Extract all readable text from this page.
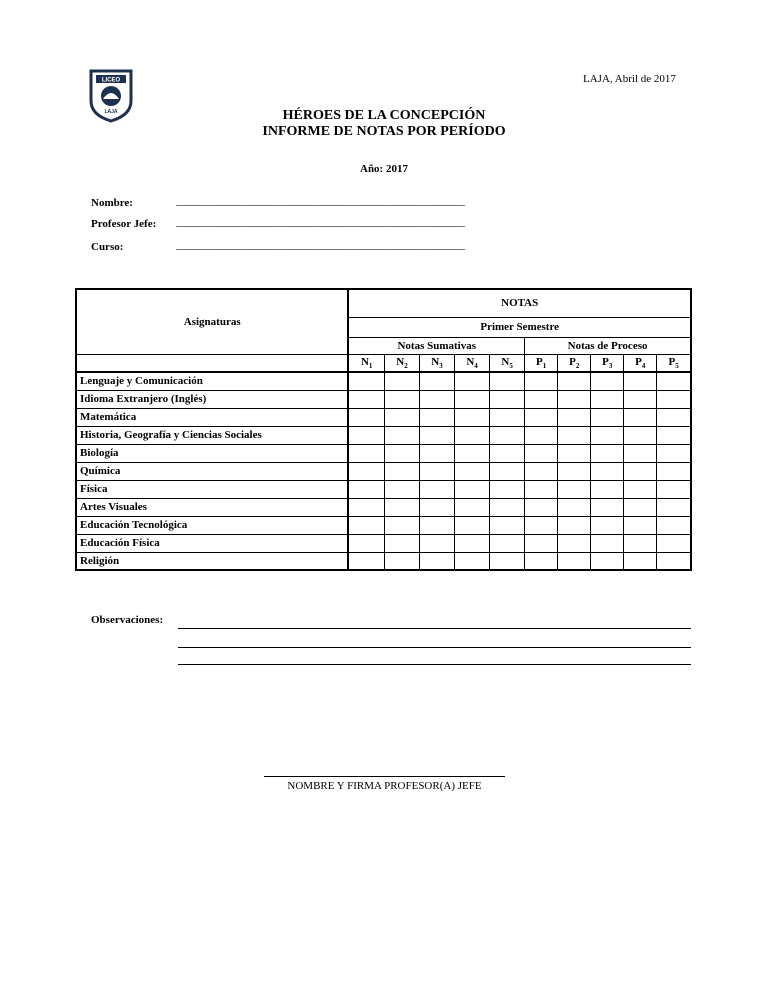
LAJA, Abril de 2017
LICEO
LAJA	HÉROES DE LA CONCEPCIÓN
INFORME DE NOTAS POR PERÍODO
Año: 2017
Nombre:	________________________________________________________________
Profesor Jefe: ________________________________________________________________
Curso:	________________________________________________________________
Asignaturas	NOTAS									
	Primer Semestre									
	Notas Sumativas					Notas de Proceso				
	$N_1$	$N_2$	$N_3$	$N_4$	$N_5$	$P_1$	$P_2$	$P_3$	$P_4$	$P_5$
Lenguaje y Comunicación										
Idioma Extranjero (Inglés)										
Matemática										
Historia, Geografía y Ciencias Sociales										
Biología										
Química										
Física										
Artes Visuales										
Educación Tecnológica										
Educación Física										
Religión										
Observaciones:
NOMBRE Y FIRMA PROFESOR(A) JEFE
